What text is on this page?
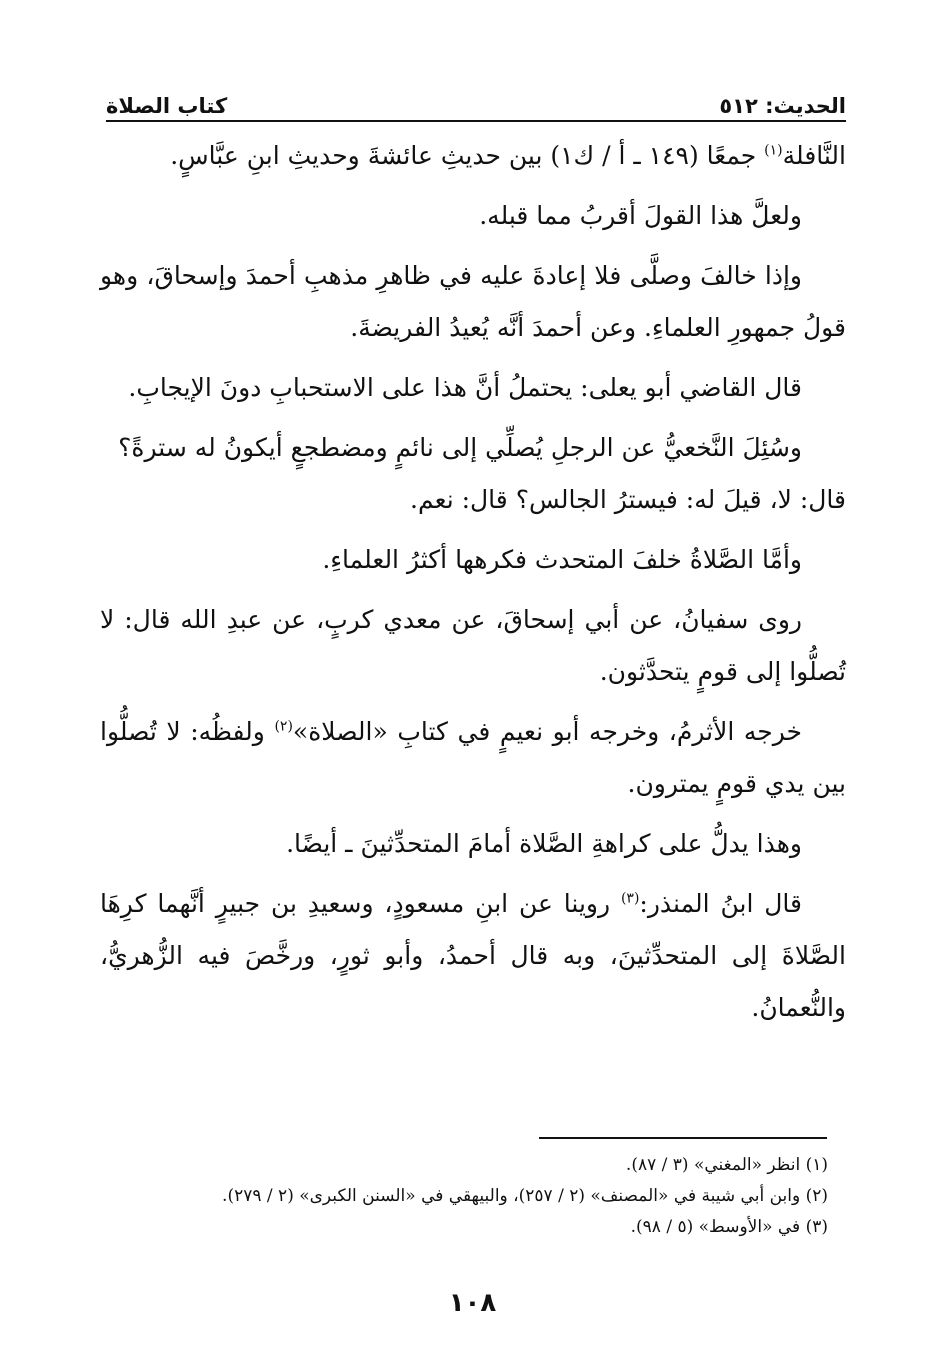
الحديث: ٥١٢
كتاب الصلاة

النَّافلة$^{(١)}$ جمعًا (١٤٩ ـ أ / ك١) بين حديثِ عائشةَ وحديثِ ابنِ عبَّاسٍ.

ولعلَّ هذا القولَ أقربُ مما قبله.

وإذا خالفَ وصلَّى فلا إعادةَ عليه في ظاهرِ مذهبِ أحمدَ وإسحاقَ، وهو قولُ جمهورِ العلماءِ. وعن أحمدَ أنَّه يُعيدُ الفريضةَ.

قال القاضي أبو يعلى: يحتملُ أنَّ هذا على الاستحبابِ دونَ الإيجابِ.

وسُئِلَ النَّخعيُّ عن الرجلِ يُصلِّي إلى نائمٍ ومضطجعٍ أيكونُ له سترةً؟

قال: لا، قيلَ له: فيسترُ الجالس؟ قال: نعم.

وأمَّا الصَّلاةُ خلفَ المتحدث فكرهها أكثرُ العلماءِ.

روى سفيانُ، عن أبي إسحاقَ، عن معدي كربٍ، عن عبدِ الله قال: لا تُصلُّوا إلى قومٍ يتحدَّثون.

خرجه الأثرمُ، وخرجه أبو نعيمٍ في كتابِ «الصلاة»$^{(٢)}$ ولفظُه: لا تُصلُّوا بين يدي قومٍ يمترون.

وهذا يدلُّ على كراهةِ الصَّلاة أمامَ المتحدِّثينَ ـ أيضًا.

قال ابنُ المنذر:$^{(٣)}$ روينا عن ابنِ مسعودٍ، وسعيدِ بن جبيرٍ أنَّهما كرِهَا الصَّلاةَ إلى المتحدِّثينَ، وبه قال أحمدُ، وأبو ثورٍ، ورخَّصَ فيه الزُّهريُّ، والنُّعمانُ.

(١) انظر «المغني» (٣ / ٨٧).

(٢) وابن أبي شيبة في «المصنف» (٢ / ٢٥٧)، والبيهقي في «السنن الكبرى» (٢ / ٢٧٩).

(٣) في «الأوسط» (٥ / ٩٨).

١٠٨
